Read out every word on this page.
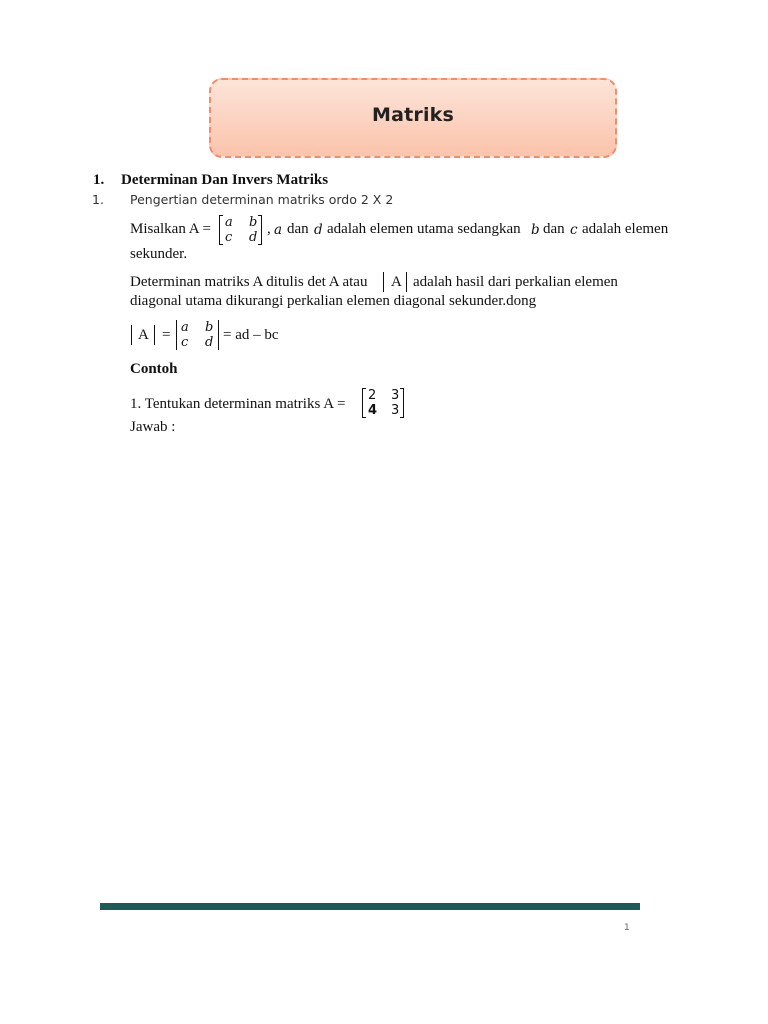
Matriks
1. Determinan Dan Invers Matriks
1. Pengertian determinan matriks ordo 2 X 2
Misalkan A = a b
c d
, a dan d adalah elemen utama sedangkan b dan c adalah elemen
sekunder.
Determinan matriks A ditulis det A atau A adalah hasil dari perkalian elemen
diagonal utama dikurangi perkalian elemen diagonal sekunder.dong
A = a b
c d = ad – bc
Contoh
1. Tentukan determinan matriks A =
2 3
4 3
Jawab :
1
